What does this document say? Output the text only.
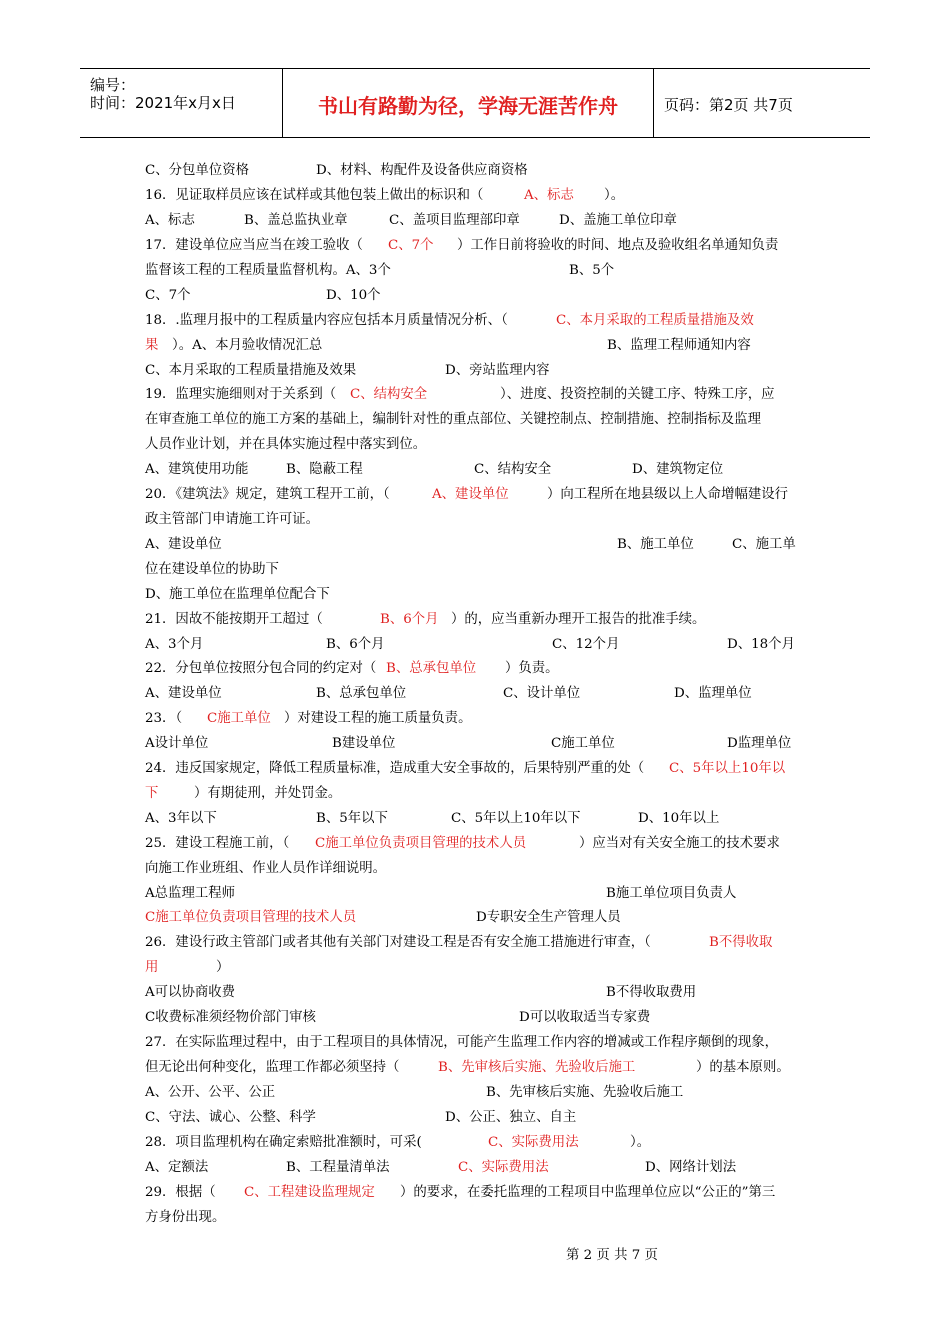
编号：
时间：2021年x月x日	书山有路勤为径，学海无涯苦作舟	页码：第2页 共7页
C、分包单位资格	D、材料、构配件及设备供应商资格
16．见证取样员应该在试样或其他包装上做出的标识和（	A、标志 ）。
A、标志	B、盖总监执业章	C、盖项目监理部印章	D、盖施工单位印章
17．建设单位应当应当在竣工验收（ C、7个 ）工作日前将验收的时间、地点及验收组名单通知负责
监督该工程的工程质量监督机构。A、3个	B、5个
C、7个	D、10个
18．.监理月报中的工程质量内容应包括本月质量情况分析、（	C、本月采取的工程质量措施及效
果 ）。A、本月验收情况汇总	B、监理工程师通知内容
C、本月采取的工程质量措施及效果	D、旁站监理内容
19．监理实施细则对于关系到（ C、结构安全	）、进度、投资控制的关键工序、特殊工序，应
在审查施工单位的施工方案的基础上，编制针对性的重点部位、关键控制点、控制措施、控制指标及监理
人员作业计划，并在具体实施过程中落实到位。
A、建筑使用功能	B、隐蔽工程	C、结构安全	D、建筑物定位
20．《建筑法》规定，建筑工程开工前，（	A、建设单位	）向工程所在地县级以上人命增幅建设行
政主管部门申请施工许可证。
A、建设单位	B、施工单位	C、施工单
位在建设单位的协助下
D、施工单位在监理单位配合下
21．因故不能按期开工超过（	B、6个月 ）的，应当重新办理开工报告的批准手续。
A、3个月	B、6个月	C、12个月	D、18个月
22．分包单位按照分包合同的约定对（ B、总承包单位 ）负责。
A、建设单位	B、总承包单位	C、设计单位	D、监理单位
23．（ C施工单位 ）对建设工程的施工质量负责。
A设计单位	B建设单位	C施工单位	D监理单位
24．违反国家规定，降低工程质量标准，造成重大安全事故的，后果特别严重的处（ C、5年以上10年以
下	）有期徒刑，并处罚金。
A、3年以下	B、5年以下	C、5年以上10年以下	D、10年以上
25．建设工程施工前，（ C施工单位负责项目管理的技术人员	）应当对有关安全施工的技术要求
向施工作业班组、作业人员作详细说明。
A总监理工程师	B施工单位项目负责人
C施工单位负责项目管理的技术人员	D专职安全生产管理人员
26．建设行政主管部门或者其他有关部门对建设工程是否有安全施工措施进行审查，（	B不得收取
用	）
A可以协商收费	B不得收取费用
C收费标准须经物价部门审核	D可以收取适当专家费
27．在实际监理过程中，由于工程项目的具体情况，可能产生监理工作内容的增减或工作程序颠倒的现象，
但无论出何种变化，监理工作都必须坚持（	B、先审核后实施、先验收后施工	）的基本原则。
A、公开、公平、公正	B、先审核后实施、先验收后施工
C、守法、诚心、公整、科学	D、公正、独立、自主
28．项目监理机构在确定索赔批准额时，可采(	C、实际费用法	）。
A、定额法	B、工程量清单法	C、实际费用法	D、网络计划法
29．根据（ C、工程建设监理规定 ）的要求，在委托监理的工程项目中监理单位应以“公正的”第三
方身份出现。
第 2 页 共 7 页
